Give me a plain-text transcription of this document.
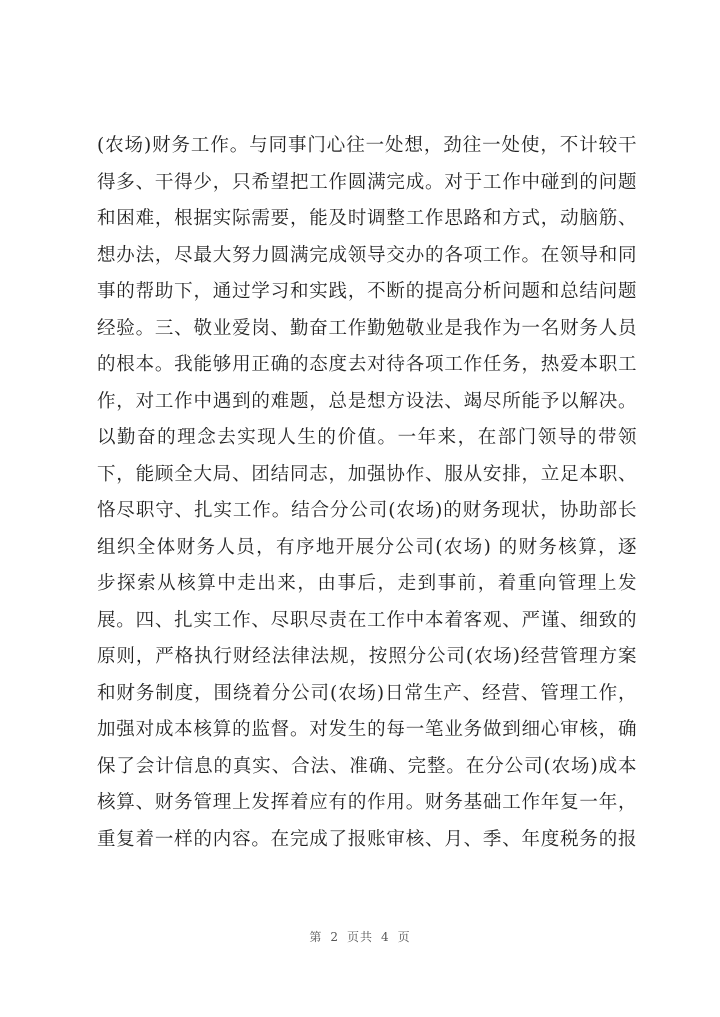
(农场)财务工作。与同事门心往一处想，劲往一处使，不计较干
得多、干得少，只希望把工作圆满完成。对于工作中碰到的问题
和困难，根据实际需要，能及时调整工作思路和方式，动脑筋、
想办法，尽最大努力圆满完成领导交办的各项工作。在领导和同
事的帮助下，通过学习和实践，不断的提高分析问题和总结问题
经验。三、敬业爱岗、勤奋工作勤勉敬业是我作为一名财务人员
的根本。我能够用正确的态度去对待各项工作任务，热爱本职工
作，对工作中遇到的难题，总是想方设法、竭尽所能予以解决。
以勤奋的理念去实现人生的价值。一年来，在部门领导的带领
下，能顾全大局、团结同志，加强协作、服从安排，立足本职、
恪尽职守、扎实工作。结合分公司(农场)的财务现状，协助部长
组织全体财务人员，有序地开展分公司(农场) 的财务核算，逐
步探索从核算中走出来，由事后，走到事前，着重向管理上发
展。四、扎实工作、尽职尽责在工作中本着客观、严谨、细致的
原则，严格执行财经法律法规，按照分公司(农场)经营管理方案
和财务制度，围绕着分公司(农场)日常生产、经营、管理工作，
加强对成本核算的监督。对发生的每一笔业务做到细心审核，确
保了会计信息的真实、合法、准确、完整。在分公司(农场)成本
核算、财务管理上发挥着应有的作用。财务基础工作年复一年，
重复着一样的内容。在完成了报账审核、月、季、年度税务的报
第 2 页共 4 页
